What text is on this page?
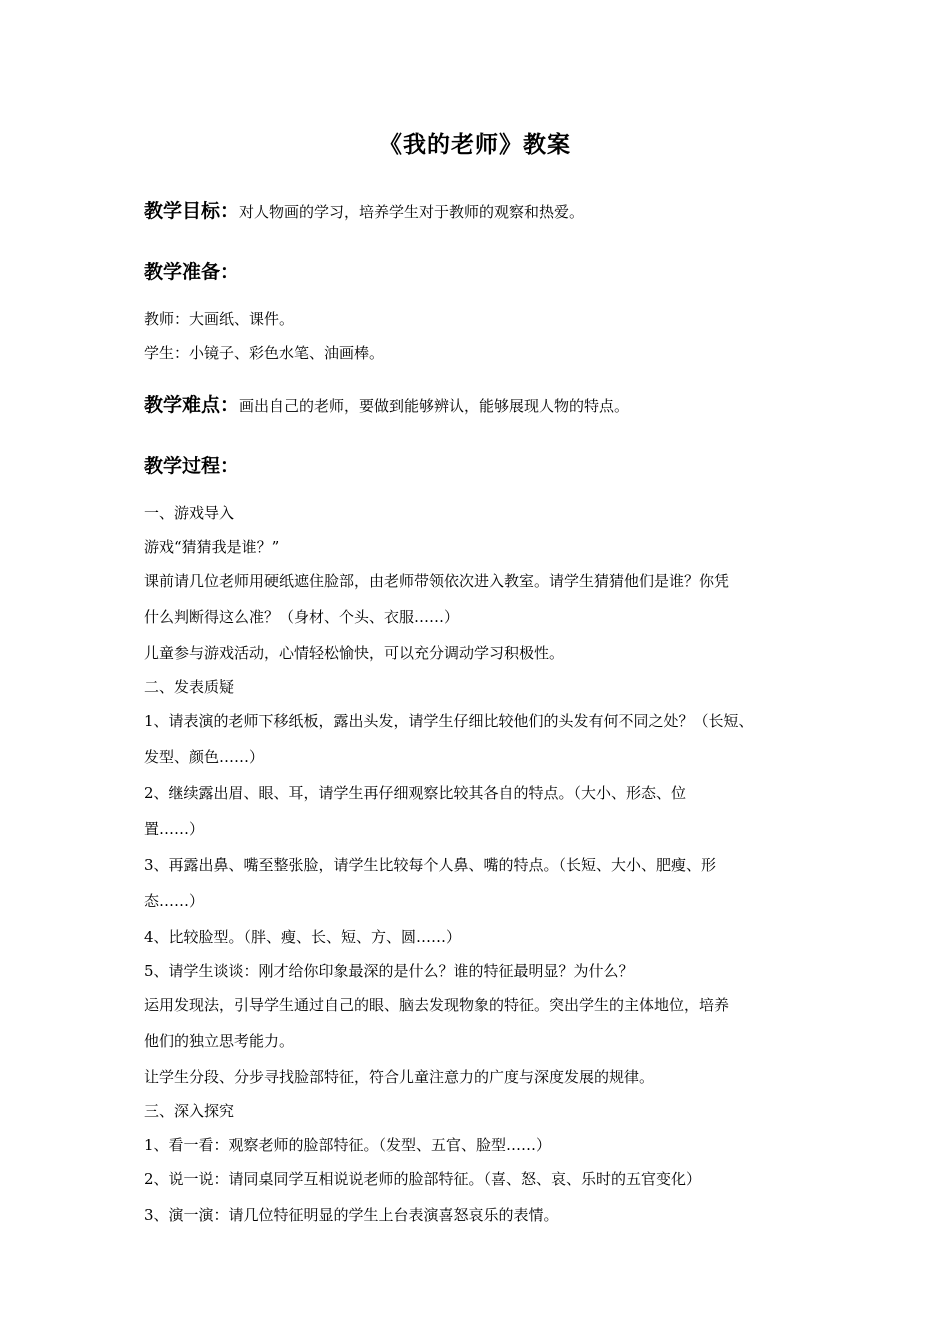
《我的老师》教案
教学目标：对人物画的学习，培养学生对于教师的观察和热爱。
教学准备：
教师：大画纸、课件。
学生：小镜子、彩色水笔、油画棒。
教学难点：画出自己的老师，要做到能够辨认，能够展现人物的特点。
教学过程：
一、游戏导入
游戏“猜猜我是谁？”
课前请几位老师用硬纸遮住脸部，由老师带领依次进入教室。请学生猜猜他们是谁？你凭
什么判断得这么准？（身材、个头、衣服……）
儿童参与游戏活动，心情轻松愉快，可以充分调动学习积极性。
二、发表质疑
1、请表演的老师下移纸板，露出头发，请学生仔细比较他们的头发有何不同之处？（长短、
发型、颜色……）
2、继续露出眉、眼、耳，请学生再仔细观察比较其各自的特点。（大小、形态、位
置……）
3、再露出鼻、嘴至整张脸，请学生比较每个人鼻、嘴的特点。（长短、大小、肥瘦、形
态……）
4、比较脸型。（胖、瘦、长、短、方、圆……）
5、请学生谈谈：刚才给你印象最深的是什么？谁的特征最明显？为什么？
运用发现法，引导学生通过自己的眼、脑去发现物象的特征。突出学生的主体地位，培养
他们的独立思考能力。
让学生分段、分步寻找脸部特征，符合儿童注意力的广度与深度发展的规律。
三、深入探究
1、看一看：观察老师的脸部特征。（发型、五官、脸型……）
2、说一说：请同桌同学互相说说老师的脸部特征。（喜、怒、哀、乐时的五官变化）
3、演一演：请几位特征明显的学生上台表演喜怒哀乐的表情。
